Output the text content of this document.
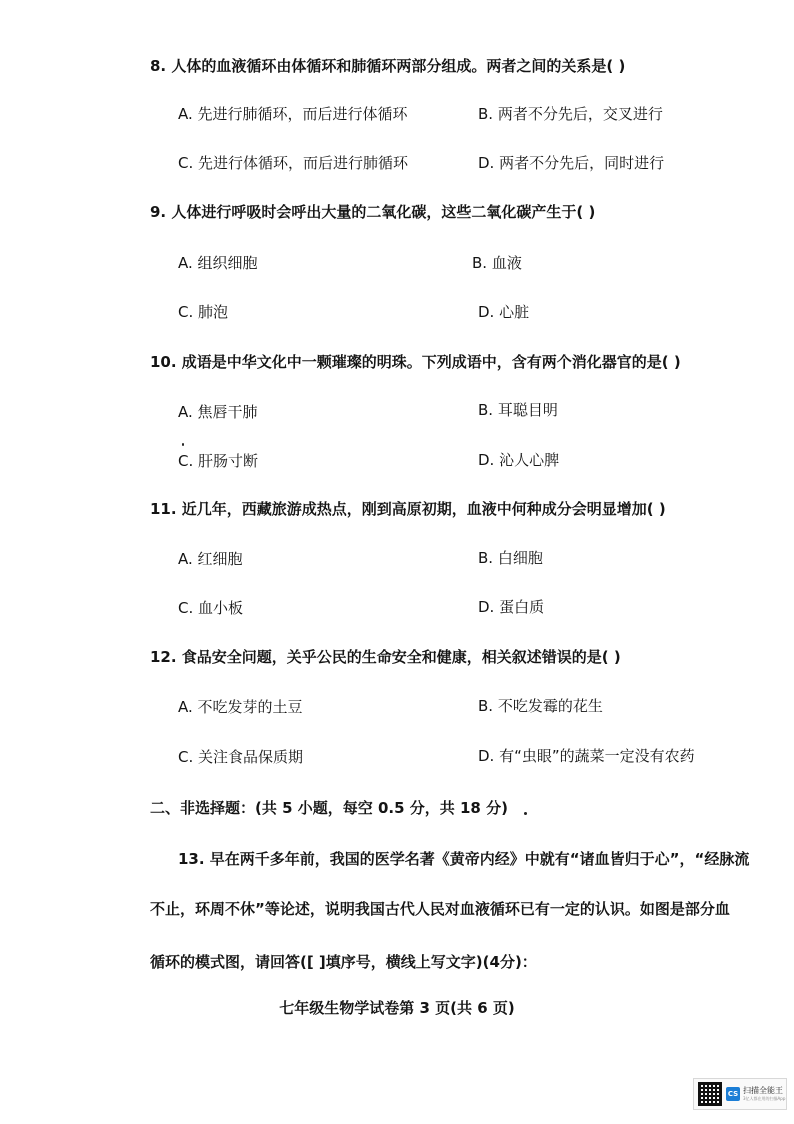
8. 人体的血液循环由体循环和肺循环两部分组成。两者之间的关系是( )
A. 先进行肺循环，而后进行体循环	B. 两者不分先后，交叉进行
C. 先进行体循环，而后进行肺循环	D. 两者不分先后，同时进行
9. 人体进行呼吸时会呼出大量的二氧化碳，这些二氧化碳产生于( )
A. 组织细胞	B. 血液
C. 肺泡	D. 心脏
10. 成语是中华文化中一颗璀璨的明珠。下列成语中，含有两个消化器官的是( )
A. 焦唇干肺	B. 耳聪目明
C. 肝肠寸断	D. 沁人心脾
11. 近几年，西藏旅游成热点，刚到高原初期，血液中何种成分会明显增加( )
A. 红细胞	B. 白细胞
C. 血小板	D. 蛋白质
12. 食品安全问题，关乎公民的生命安全和健康，相关叙述错误的是( )
A. 不吃发芽的土豆	B. 不吃发霉的花生
C. 关注食品保质期	D. 有“虫眼”的蔬菜一定没有农药
二、非选择题：(共 5 小题，每空 0.5 分，共 18 分)
13. 早在两千多年前，我国的医学名著《黄帝内经》中就有“诸血皆归于心”，“经脉流
不止，环周不休”等论述，说明我国古代人民对血液循环已有一定的认识。如图是部分血
循环的模式图，请回答([ ]填序号，横线上写文字)(4分)：
七年级生物学试卷第 3 页(共 6 页)
CS 扫描全能王
3亿人都在用的扫描App
